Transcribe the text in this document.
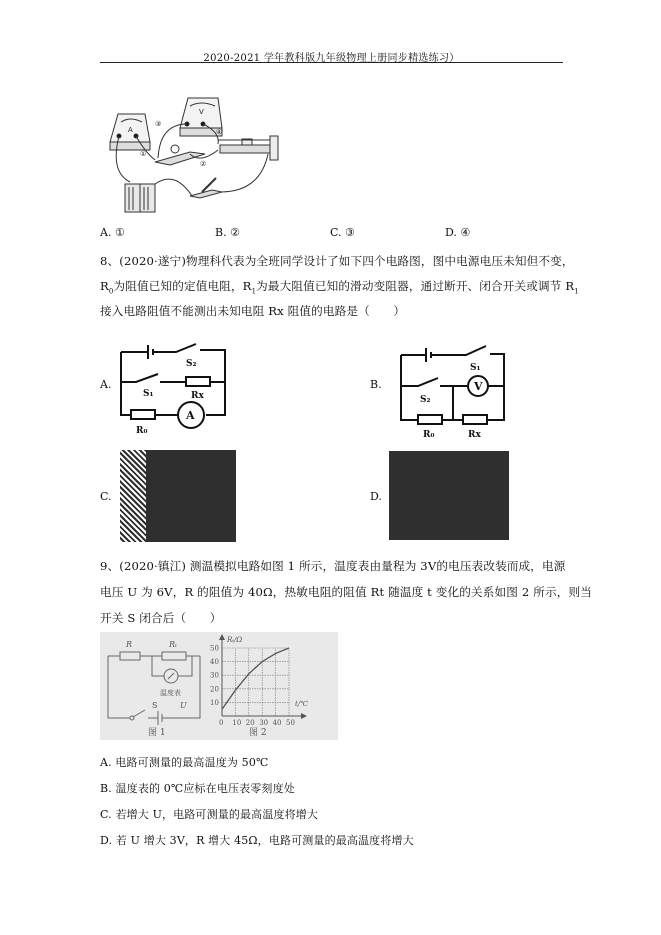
2020-2021 学年教科版九年级物理上册同步精选练习）
A
V
①
②
③
④
A. ①	B. ②	C. ③	D. ④
8、(2020·遂宁)物理科代表为全班同学设计了如下四个电路图，图中电源电压未知但不变，
$R_0$为阻值已知的定值电阻，$R_1$为最大阻值已知的滑动变阻器，通过断开、闭合开关或调节 $R_1$
接入电路阻值不能测出未知电阻 Rx 阻值的电路是（　　）
A.
S₂
S₁	Rx
R₀
A
B.
S₁
S₂
Rx
R₀
V
C.	D.
9、(2020·镇江) 测温模拟电路如图 1 所示，温度表由量程为 3V的电压表改装而成，电源
电压 U 为 6V，R 的阻值为 40Ω，热敏电阻的阻值 Rt 随温度 t 变化的关系如图 2 所示，则当
开关 S 闭合后（　　）
R	Rₜ
温度表
S	U
图 1
0 10 20 30 40 50
10
20
30
40
50
Rₜ/Ω
t/℃
图 2
A. 电路可测量的最高温度为 50℃
B. 温度表的 0℃应标在电压表零刻度处
C. 若增大 U，电路可测量的最高温度将增大
D. 若 U 增大 3V，R 增大 45Ω，电路可测量的最高温度将增大
